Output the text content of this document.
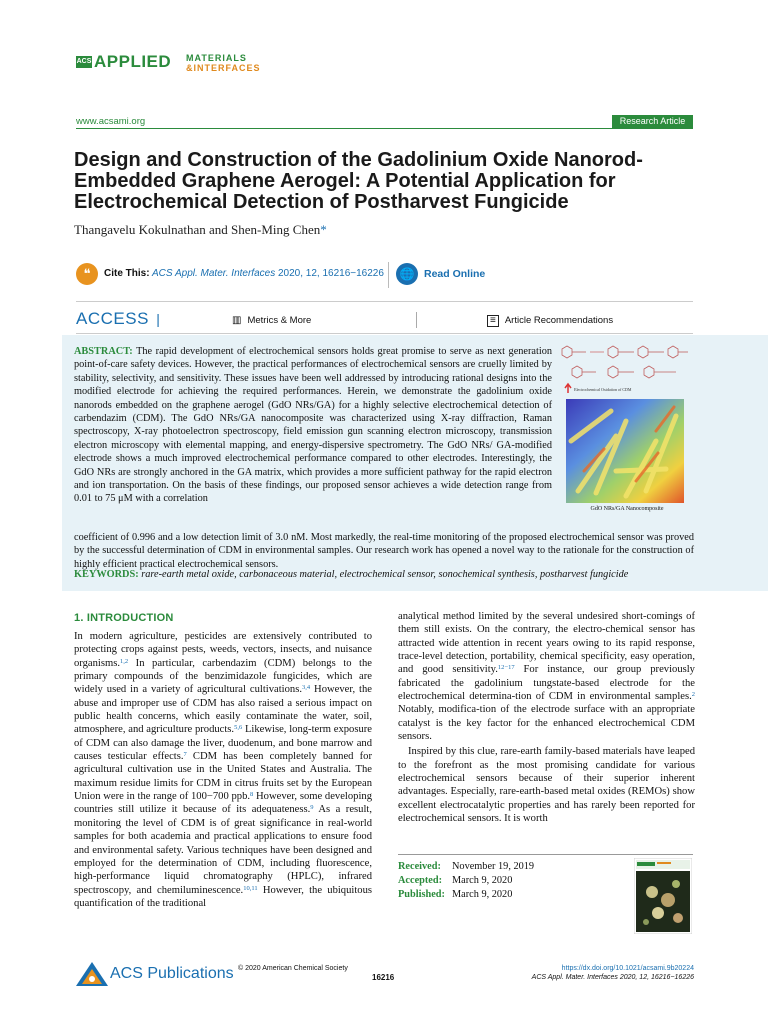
ACS APPLIED MATERIALS
&INTERFACES
www.acsami.org	Research Article
Design and Construction of the Gadolinium Oxide Nanorod-Embedded Graphene Aerogel: A Potential Application for Electrochemical Detection of Postharvest Fungicide
Thangavelu Kokulnathan and Shen-Ming Chen*
❝	Cite This: ACS Appl. Mater. Interfaces 2020, 12, 16216−16226 🌐 Read Online
ACCESS |	▥ Metrics & More	≡ Article Recommendations
ABSTRACT: The rapid development of electrochemical sensors holds great promise to serve as next generation point-of-care safety devices. However, the practical performances of electrochemical sensors are cruelly limited by stability, selectivity, and sensitivity. These issues have been well addressed by introducing rational designs into the modified electrode for achieving the required performances. Herein, we demonstrate the gadolinium oxide nanorods embedded on the graphene aerogel (GdO NRs/GA) for a highly selective electrochemical detection of carbendazim (CDM). The GdO NRs/GA nanocomposite was characterized using X-ray diffraction, Raman spectroscopy, X-ray photoelectron spectroscopy, field emission gun scanning electron microscopy, transmission electron microscopy with elemental mapping, and energy-dispersive spectrometry. The GdO NRs/ GA-modified electrode shows a much improved electrochemical performance compared to other electrodes. Interestingly, the GdO NRs are strongly anchored in the GA matrix, which provides a more sufficient pathway for the rapid electron and ion transportation. On the basis of these findings, our proposed sensor achieves a wide detection range from 0.01 to 75 μM with a correlation
Electrochemical Oxidation of CDM
GdO NRs/GA Nanocomposite
coefficient of 0.996 and a low detection limit of 3.0 nM. Most markedly, the real-time monitoring of the proposed electrochemical sensor was proved by the successful determination of CDM in environmental samples. Our research work has opened a novel way to the rationale for the construction of highly efficient practical electrochemical sensors.
KEYWORDS: rare-earth metal oxide, carbonaceous material, electrochemical sensor, sonochemical synthesis, postharvest fungicide
1. INTRODUCTION

In modern agriculture, pesticides are extensively contributed to protecting crops against pests, weeds, vectors, insects, and nuisance organisms.$^{1,2}$ In particular, carbendazim (CDM) belongs to the primary compounds of the benzimidazole fungicides, which are widely used in a variety of agricultural cultivations.$^{3,4}$ However, the abuse and improper use of CDM has also raised a serious impact on public health concerns, which easily contaminate the water, soil, atmosphere, and agriculture products.$^{5,6}$ Likewise, long-term exposure of CDM can also damage the liver, duodenum, and bone marrow and causes testicular effects.$^7$ CDM has been completely banned for agricultural cultivation use in the United States and Australia. The maximum residue limits for CDM in citrus fruits set by the European Union were in the range of 100−700 ppb.$^8$ However, some developing countries still utilize it because of its adequateness.$^9$ As a result, monitoring the level of CDM is of great significance in real-world samples for both academia and practical applications to ensure food and environmental safety. Various techniques have been designed and employed for the determination of CDM, including fluorescence, high-performance liquid chromatography (HPLC), infrared spectroscopy, and chemiluminescence.$^{10,11}$ However, the ubiquitous quantification of the traditional

analytical method limited by the several undesired short-comings of them still exists. On the contrary, the electro-chemical sensor has attracted wide attention in recent years owing to its rapid response, trace-level detection, portability, chemical specificity, easy operation, and good sensitivity.$^{12-17}$ For instance, our group previously fabricated the gadolinium tungstate-based electrode for the electrochemical determina-tion of CDM in environmental samples.$^2$ Notably, modifica-tion of the electrode surface with an appropriate catalyst is the key factor for the enhanced electrochemical CDM sensors.

Inspired by this clue, rare-earth family-based materials have leaped to the forefront as the most promising candidate for various electrochemical sensors because of their superior inherent advantages. Especially, rare-earth-based metal oxides (REMOs) show excellent electrocatalytic properties and has rarely been reported for electrochemical sensors. It is worth

Received: November 19, 2019
Accepted: March 9, 2020
Published: March 9, 2020
ACS Publications © 2020 American Chemical Society
16216
https://dx.doi.org/10.1021/acsami.9b20224
ACS Appl. Mater. Interfaces 2020, 12, 16216−16226
